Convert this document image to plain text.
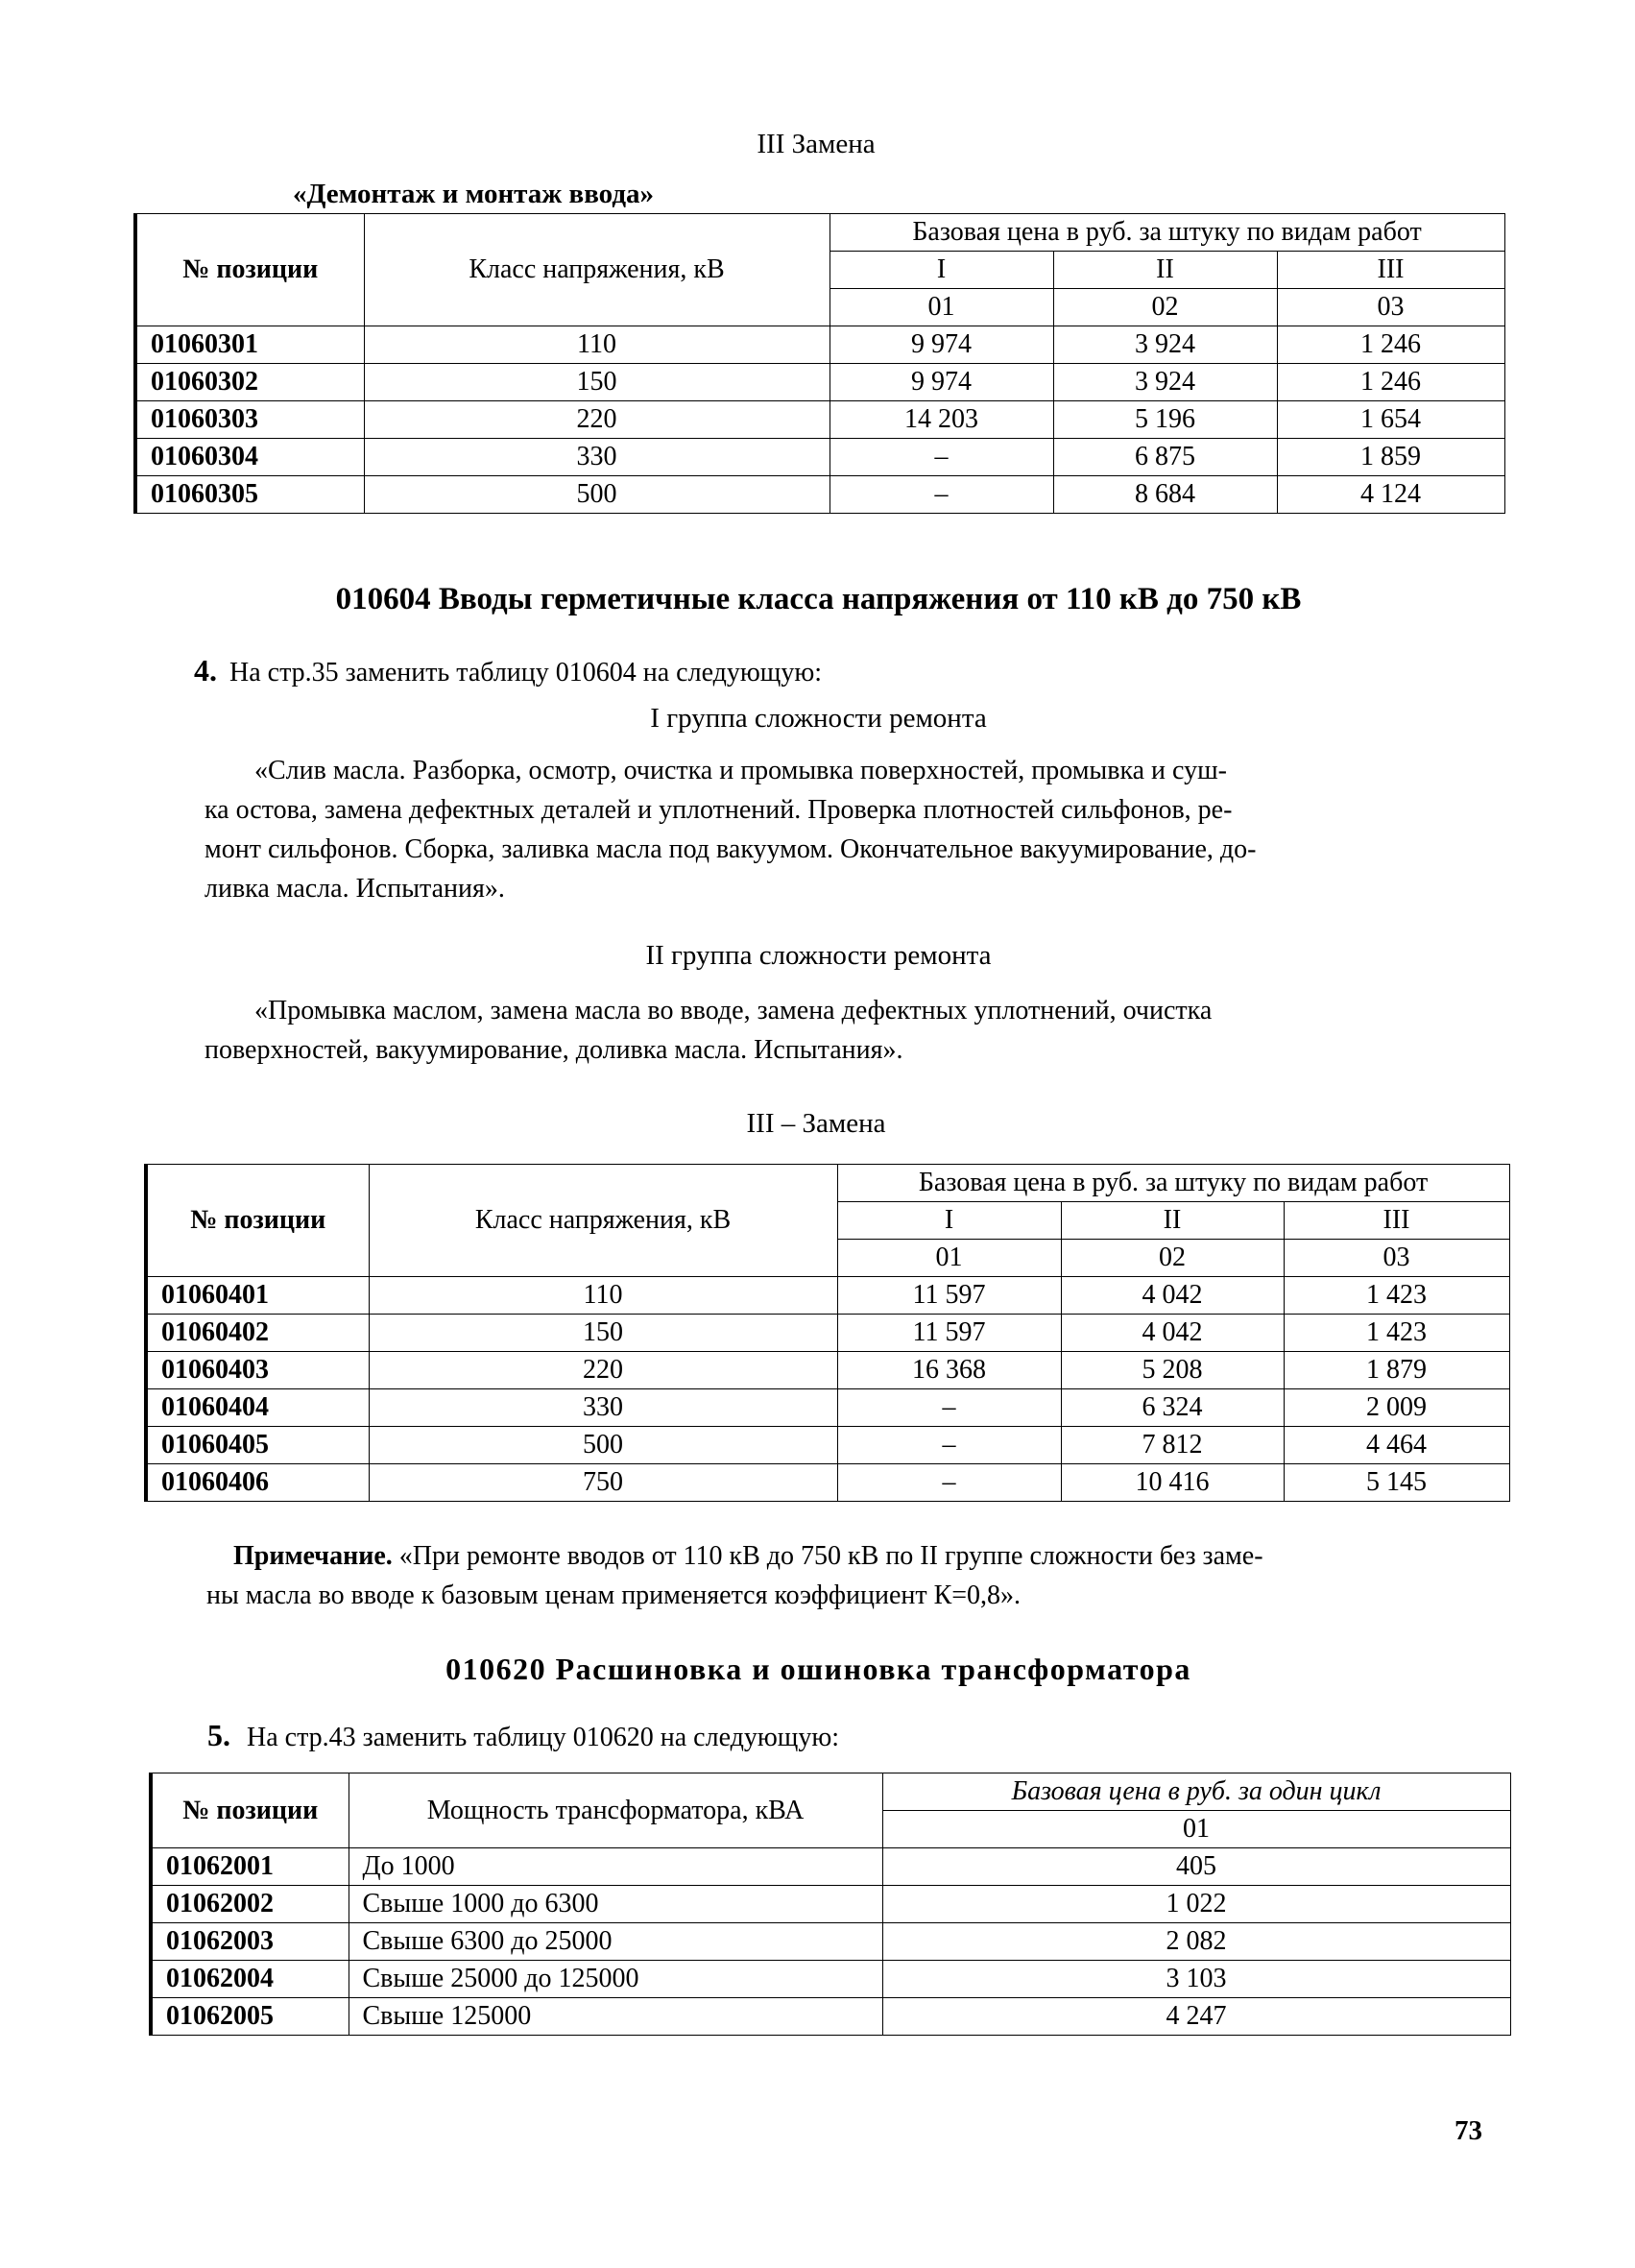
III Замена
«Демонтаж и монтаж ввода»
№ позиции	Класс напряжения, кВ	Базовая цена в руб. за штуку по видам работ		
		I	II	III
		01	02	03
01060301	110	9 974	3 924	1 246
01060302	150	9 974	3 924	1 246
01060303	220	14 203	5 196	1 654
01060304	330	–	6 875	1 859
01060305	500	–	8 684	4 124
010604 Вводы герметичные класса напряжения от 110 кВ до 750 кВ
4. На стр.35 заменить таблицу 010604 на следующую:
I группа сложности ремонта
«Слив масла. Разборка, осмотр, очистка и промывка поверхностей, промывка и суш-
ка остова, замена дефектных деталей и уплотнений. Проверка плотностей сильфонов, ре-
монт сильфонов. Сборка, заливка масла под вакуумом. Окончательное вакуумирование, до-
ливка масла. Испытания».
II группа сложности ремонта
«Промывка маслом, замена масла во вводе, замена дефектных уплотнений, очистка
поверхностей, вакуумирование, доливка масла. Испытания».
III – Замена
№ позиции	Класс напряжения, кВ	Базовая цена в руб. за штуку по видам работ		
		I	II	III
		01	02	03
01060401	110	11 597	4 042	1 423
01060402	150	11 597	4 042	1 423
01060403	220	16 368	5 208	1 879
01060404	330	–	6 324	2 009
01060405	500	–	7 812	4 464
01060406	750	–	10 416	5 145
Примечание. «При ремонте вводов от 110 кВ до 750 кВ по II группе сложности без заме-
ны масла во вводе к базовым ценам применяется коэффициент К=0,8».
010620 Расшиновка и ошиновка трансформатора
5. На стр.43 заменить таблицу 010620 на следующую:
№ позиции	Мощность трансформатора, кВА	Базовая цена в руб. за один цикл
		01
01062001	До 1000	405
01062002	Свыше 1000 до 6300	1 022
01062003	Свыше 6300 до 25000	2 082
01062004	Свыше 25000 до 125000	3 103
01062005	Свыше 125000	4 247
73
